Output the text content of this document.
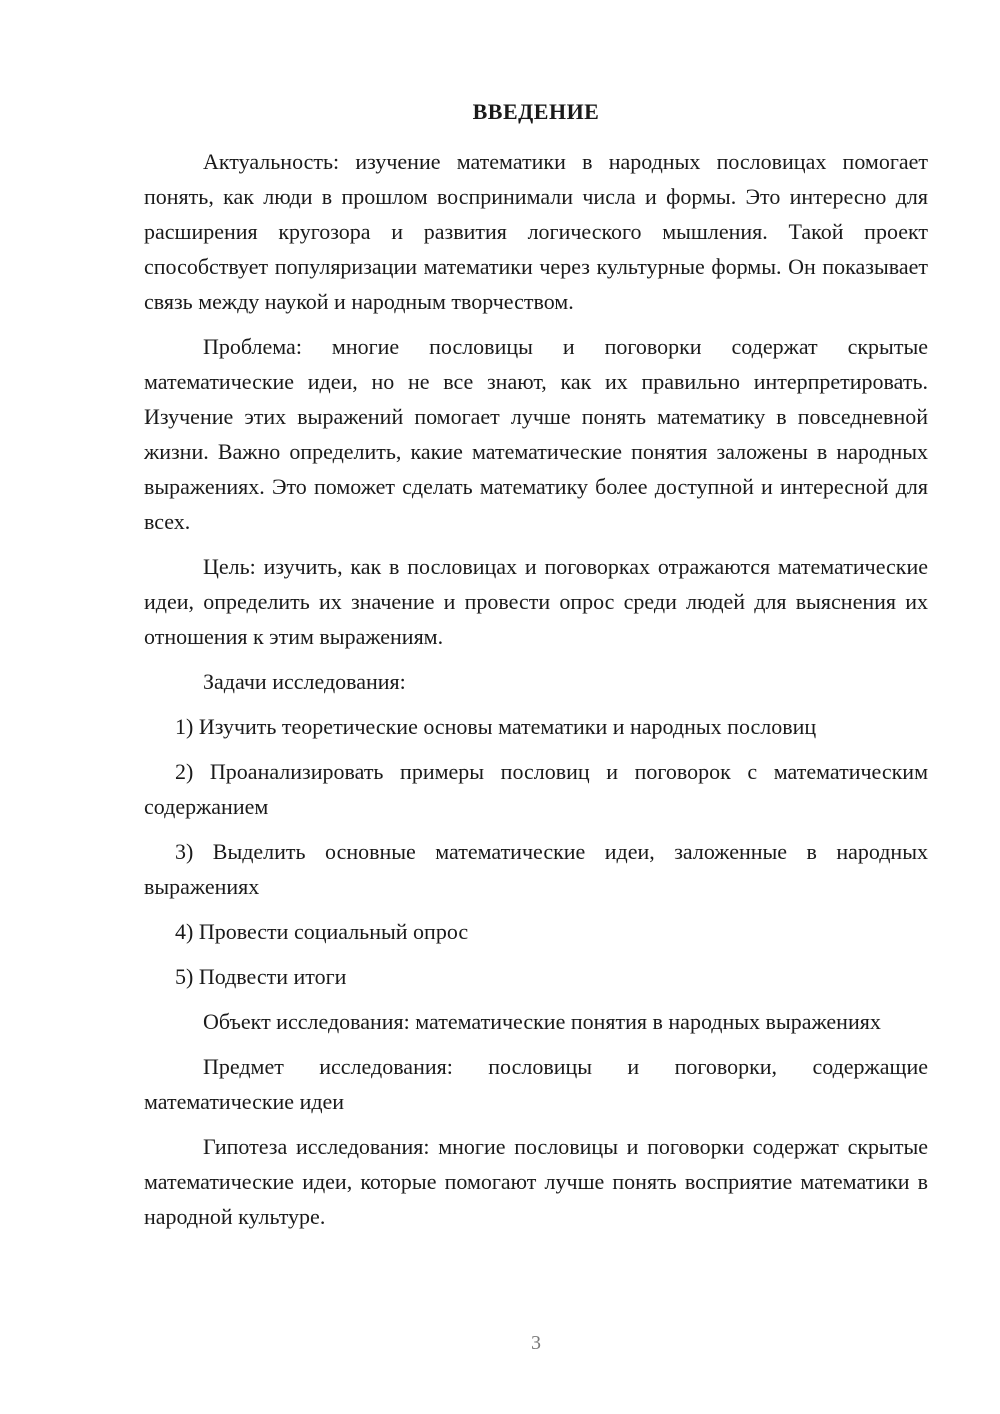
ВВЕДЕНИЕ

Актуальность: изучение математики в народных пословицах помогает понять, как люди в прошлом воспринимали числа и формы. Это интересно для расширения кругозора и развития логического мышления. Такой проект способствует популяризации математики через культурные формы. Он показывает связь между наукой и народным творчеством.

Проблема: многие пословицы и поговорки содержат скрытые математические идеи, но не все знают, как их правильно интерпретировать. Изучение этих выражений помогает лучше понять математику в повседневной жизни. Важно определить, какие математические понятия заложены в народных выражениях. Это поможет сделать математику более доступной и интересной для всех.

Цель: изучить, как в пословицах и поговорках отражаются математические идеи, определить их значение и провести опрос среди людей для выяснения их отношения к этим выражениям.

Задачи исследования:

1) Изучить теоретические основы математики и народных пословиц

2) Проанализировать примеры пословиц и поговорок с математическим содержанием

3) Выделить основные математические идеи, заложенные в народных выражениях

4) Провести социальный опрос

5) Подвести итоги

Объект исследования: математические понятия в народных выражениях

Предмет исследования: пословицы и поговорки, содержащие математические идеи

Гипотеза исследования: многие пословицы и поговорки содержат скрытые математические идеи, которые помогают лучше понять восприятие математики в народной культуре.

3
